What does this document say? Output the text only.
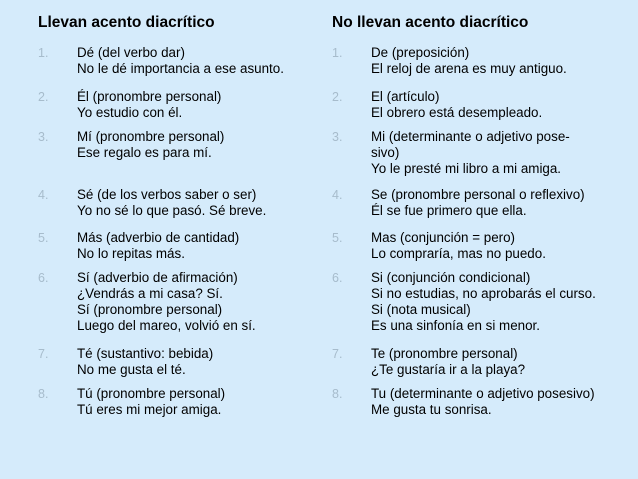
Llevan acento diacrítico
1. Dé (del verbo dar)
No le dé importancia a ese asunto.
2. Él (pronombre personal)
Yo estudio con él.
3. Mí (pronombre personal)
Ese regalo es para mí.
4. Sé (de los verbos saber o ser)
Yo no sé lo que pasó. Sé breve.
5. Más (adverbio de cantidad)
No lo repitas más.
6. Sí (adverbio de afirmación)
¿Vendrás a mi casa? Sí.
Sí (pronombre personal)
Luego del mareo, volvió en sí.
7. Té (sustantivo: bebida)
No me gusta el té.
8. Tú (pronombre personal)
Tú eres mi mejor amiga.
No llevan acento diacrítico
1. De (preposición)
El reloj de arena es muy antiguo.
2. El (artículo)
El obrero está desempleado.
3. Mi (determinante o adjetivo pose-
sivo)
Yo le presté mi libro a mi amiga.
4. Se (pronombre personal o reflexivo)
Él se fue primero que ella.
5. Mas (conjunción = pero)
Lo compraría, mas no puedo.
6. Si (conjunción condicional)
Si no estudias, no aprobarás el curso.
Si (nota musical)
Es una sinfonía en si menor.
7. Te (pronombre personal)
¿Te gustaría ir a la playa?
8. Tu (determinante o adjetivo posesivo)
Me gusta tu sonrisa.
